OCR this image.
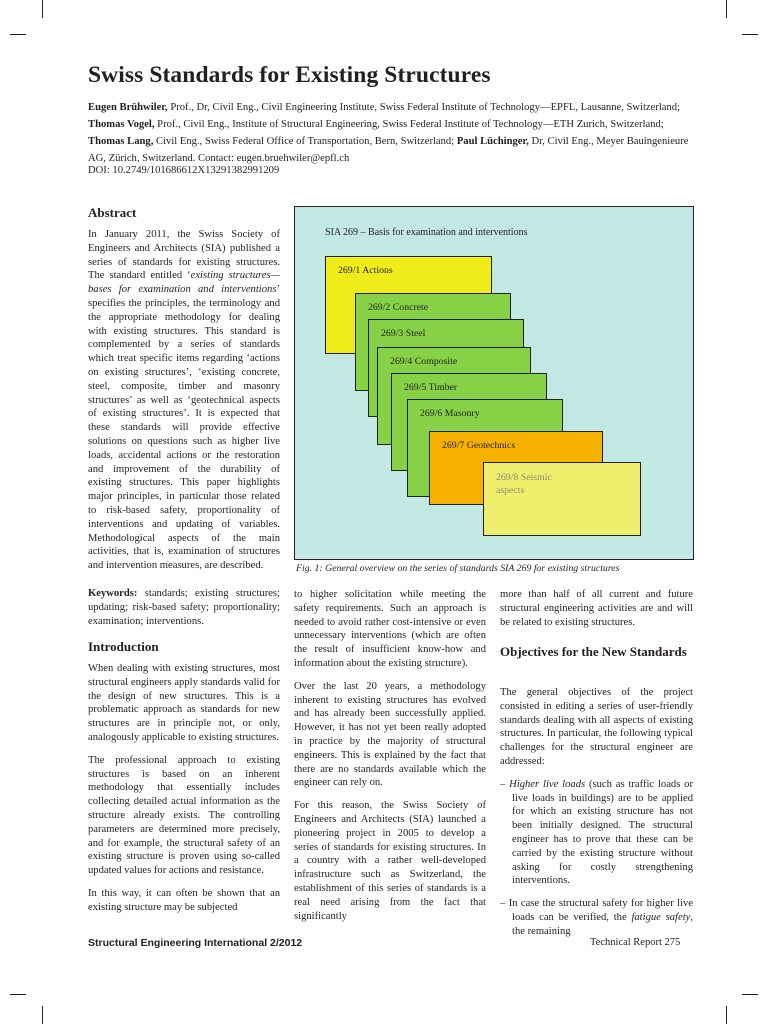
Swiss Standards for Existing Structures
Eugen Brühwiler, Prof., Dr, Civil Eng., Civil Engineering Institute, Swiss Federal Institute of Technology—EPFL, Lausanne, Switzerland; Thomas Vogel, Prof., Civil Eng., Institute of Structural Engineering, Swiss Federal Institute of Technology—ETH Zurich, Switzerland; Thomas Lang, Civil Eng., Swiss Federal Office of Transportation, Bern, Switzerland; Paul Lüchinger, Dr, Civil Eng., Meyer Bauingenieure AG, Zürich, Switzerland. Contact: eugen.bruehwiler@epfl.ch
DOI: 10.2749/101686612X13291382991209
Abstract

In January 2011, the Swiss Society of Engineers and Architects (SIA) published a series of standards for existing structures. The standard entitled ‘existing structures—bases for examination and interventions’ specifies the principles, the terminology and the appropriate methodology for dealing with existing structures. This standard is complemented by a series of standards which treat specific items regarding ‘actions on existing structures’, ‘existing concrete, steel, composite, timber and masonry structures’ as well as ‘geotechnical aspects of existing structures’. It is expected that these standards will provide effective solutions on questions such as higher live loads, accidental actions or the restoration and improvement of the durability of existing structures. This paper highlights major principles, in particular those related to risk-based safety, proportionality of interventions and updating of variables. Methodological aspects of the main activities, that is, examination of structures and intervention measures, are described.

Keywords: standards; existing structures; updating; risk-based safety; proportionality; examination; interventions.
Introduction

When dealing with existing structures, most structural engineers apply standards valid for the design of new structures. This is a problematic approach as standards for new structures are in principle not, or only, analogously applicable to existing structures.

The professional approach to existing structures is based on an inherent methodology that essentially includes collecting detailed actual information as the structure already exists. The controlling parameters are determined more precisely, and for example, the structural safety of an existing structure is proven using so-called updated values for actions and resistance.

In this way, it can often be shown that an existing structure may be subjected

to higher solicitation while meeting the safety requirements. Such an approach is needed to avoid rather cost-intensive or even unnecessary interventions (which are often the result of insufficient know-how and information about the existing structure).

Over the last 20 years, a methodology inherent to existing structures has evolved and has already been successfully applied. However, it has not yet been really adopted in practice by the majority of structural engineers. This is explained by the fact that there are no standards available which the engineer can rely on.

For this reason, the Swiss Society of Engineers and Architects (SIA) launched a pioneering project in 2005 to develop a series of standards for existing structures. In a country with a rather well-developed infrastructure such as Switzerland, the establishment of this series of standards is a real need arising from the fact that significantly

more than half of all current and future structural engineering activities are and will be related to existing structures.

Objectives for the New Standards

The general objectives of the project consisted in editing a series of user-friendly standards dealing with all aspects of existing structures. In particular, the following typical challenges for the structural engineer are addressed:

– Higher live loads (such as traffic loads or live loads in buildings) are to be applied for which an existing structure has not been initially designed. The structural engineer has to prove that these can be carried by the existing structure without asking for costly strengthening interventions.

– In case the structural safety for higher live loads can be verified, the fatigue safety, the remaining

SIA 269 – Basis for examination and interventions
269/1 Actions
269/2 Concrete
269/3 Steel
269/4 Composite
269/5 Timber
269/6 Masonry
269/7 Geotechnics
269/8 Seismic aspects
Fig. 1: General overview on the series of standards SIA 269 for existing structures
Structural Engineering International 2/2012	Technical Report 275
